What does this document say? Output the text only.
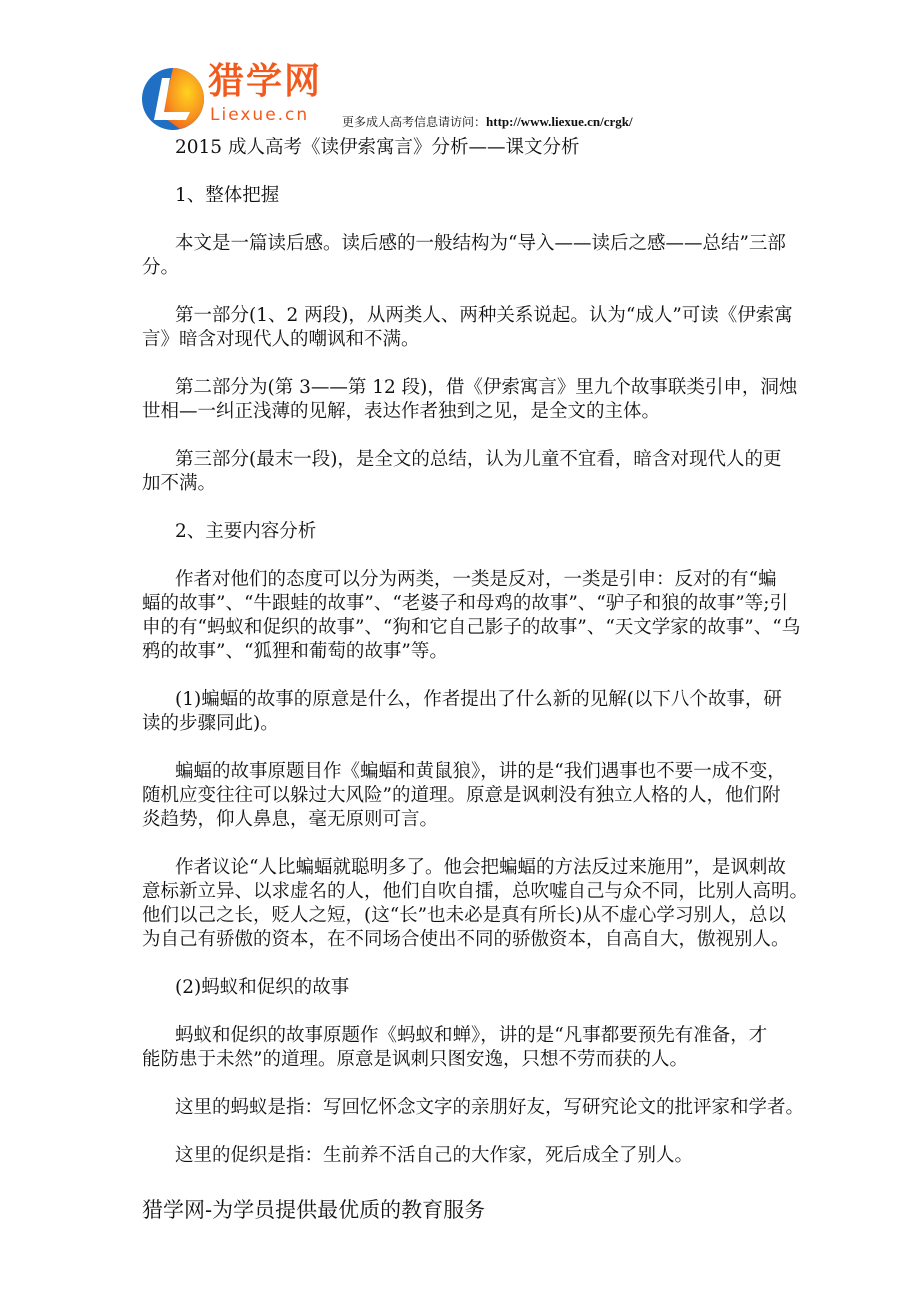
猎学网
Liexue.cn	更多成人高考信息请访问：http://www.liexue.cn/crgk/
2015 成人高考《读伊索寓言》分析——课文分析
1、整体把握
本文是一篇读后感。读后感的一般结构为“导入——读后之感——总结”三部
分。
第一部分(1、2 两段)，从两类人、两种关系说起。认为“成人”可读《伊索寓
言》暗含对现代人的嘲讽和不满。
第二部分为(第 3——第 12 段)，借《伊索寓言》里九个故事联类引申，洞烛
世相—一纠正浅薄的见解，表达作者独到之见，是全文的主体。
第三部分(最末一段)，是全文的总结，认为儿童不宜看，暗含对现代人的更
加不满。
2、主要内容分析
作者对他们的态度可以分为两类，一类是反对，一类是引申：反对的有“蝙
蝠的故事”、“牛跟蛙的故事”、“老婆子和母鸡的故事”、“驴子和狼的故事”等;引
申的有“蚂蚁和促织的故事”、“狗和它自己影子的故事”、“天文学家的故事”、“乌
鸦的故事”、“狐狸和葡萄的故事”等。
(1)蝙蝠的故事的原意是什么，作者提出了什么新的见解(以下八个故事，研
读的步骤同此)。
蝙蝠的故事原题目作《蝙蝠和黄鼠狼》，讲的是“我们遇事也不要一成不变，
随机应变往往可以躲过大风险”的道理。原意是讽刺没有独立人格的人，他们附
炎趋势，仰人鼻息，毫无原则可言。
作者议论“人比蝙蝠就聪明多了。他会把蝙蝠的方法反过来施用”，是讽刺故
意标新立异、以求虚名的人，他们自吹自擂，总吹嘘自己与众不同，比别人高明。
他们以己之长，贬人之短，(这“长”也未必是真有所长)从不虚心学习别人，总以
为自己有骄傲的资本，在不同场合使出不同的骄傲资本，自高自大，傲视别人。
(2)蚂蚁和促织的故事
蚂蚁和促织的故事原题作《蚂蚁和蝉》，讲的是“凡事都要预先有准备，才
能防患于未然”的道理。原意是讽刺只图安逸，只想不劳而获的人。
这里的蚂蚁是指：写回忆怀念文字的亲朋好友，写研究论文的批评家和学者。
这里的促织是指：生前养不活自己的大作家，死后成全了别人。
猎学网-为学员提供最优质的教育服务
